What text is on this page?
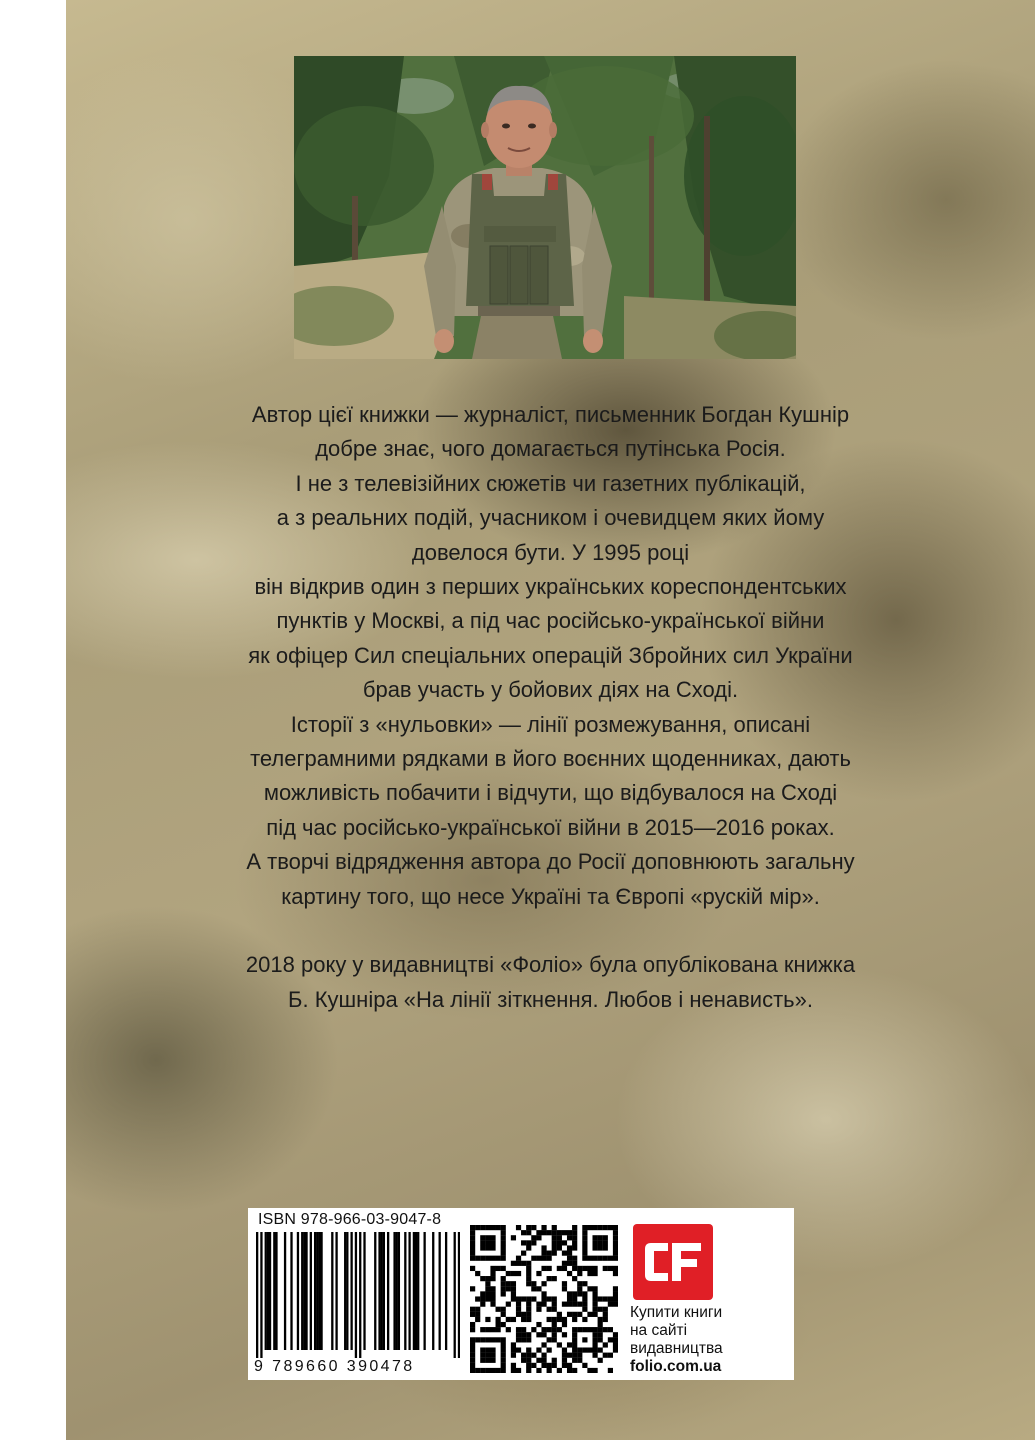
Автор цієї книжки — журналіст, письменник Богдан Кушнір
добре знає, чого домагається путінська Росія.
І не з телевізійних сюжетів чи газетних публікацій,
а з реальних подій, учасником і очевидцем яких йому
довелося бути. У 1995 році
він відкрив один з перших українських кореспондентських
пунктів у Москві, а під час російсько-української війни
як офіцер Сил спеціальних операцій Збройних сил України
брав участь у бойових діях на Сході.
Історії з «нульовки» — лінії розмежування, описані
телеграмними рядками в його воєнних щоденниках, дають
можливість побачити і відчути, що відбувалося на Сході
під час російсько-української війни в 2015—2016 роках.
А творчі відрядження автора до Росії доповнюють загальну
картину того, що несе Україні та Європі «рускій мір».

2018 року у видавництві «Фоліо» була опублікована книжка
Б. Кушніра «На лінії зіткнення. Любов і ненависть».

ISBN 978-966-03-9047-8
9 789660 390478
Купити книги
на сайті
видавництва
folio.com.ua
